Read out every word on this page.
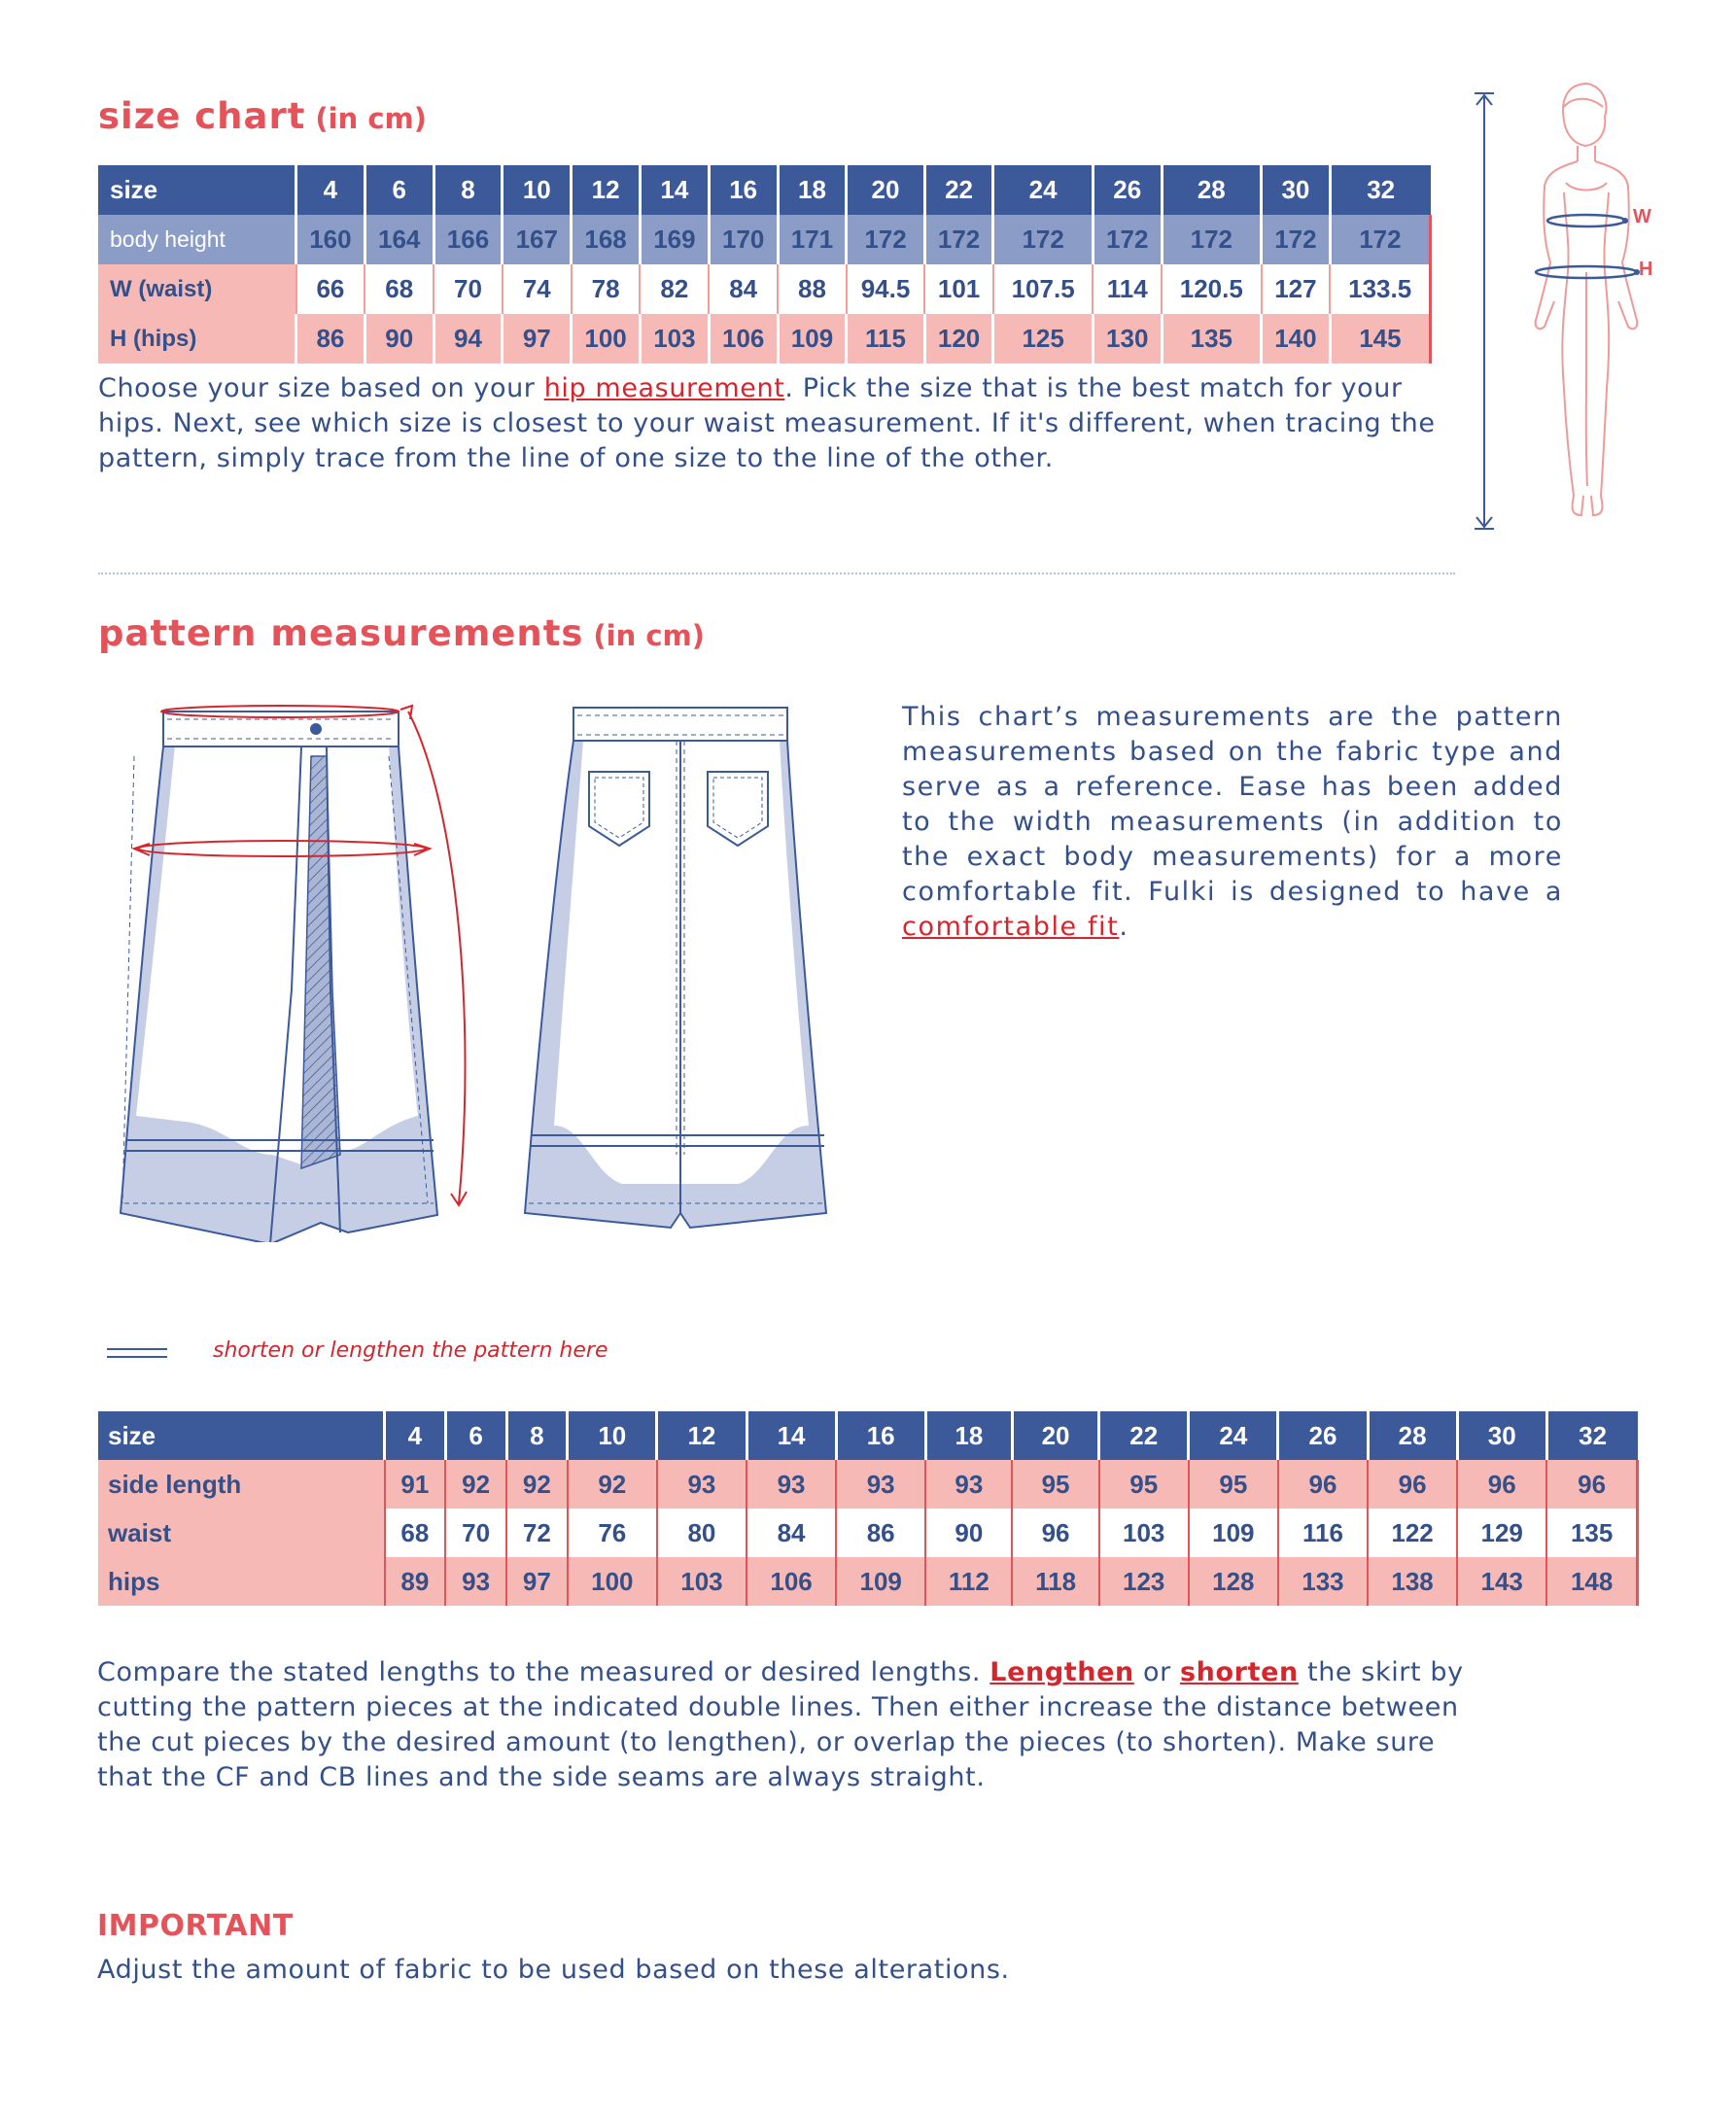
size chart (in cm)
size	4	6	8	10	12	14	16	18	20	22	24	26	28	30	32
body height	160	164	166	167	168	169	170	171	172	172	172	172	172	172	172
W (waist)	66	68	70	74	78	82	84	88	94.5	101	107.5	114	120.5	127	133.5
H (hips)	86	90	94	97	100	103	106	109	115	120	125	130	135	140	145

Choose your size based on your hip measurement. Pick the size that is the best match for your hips. Next, see which size is closest to your waist measurement. If it's different, when tracing the pattern, simply trace from the line of one size to the line of the other.

W
H
pattern measurements (in cm)

This chart’s measurements are the pattern measurements based on the fabric type and serve as a reference. Ease has been added to the width measurements (in addition to the exact body measurements) for a more comfortable fit. Fulki is designed to have a comfortable fit.

shorten or lengthen the pattern here
size	4	6	8	10	12	14	16	18	20	22	24	26	28	30	32
side length	91	92	92	92	93	93	93	93	95	95	95	96	96	96	96
waist	68	70	72	76	80	84	86	90	96	103	109	116	122	129	135
hips	89	93	97	100	103	106	109	112	118	123	128	133	138	143	148

Compare the stated lengths to the measured or desired lengths. Lengthen or shorten the skirt by cutting the pattern pieces at the indicated double lines. Then either increase the distance between the cut pieces by the desired amount (to lengthen), or overlap the pieces (to shorten). Make sure that the CF and CB lines and the side seams are always straight.

IMPORTANT

Adjust the amount of fabric to be used based on these alterations.
